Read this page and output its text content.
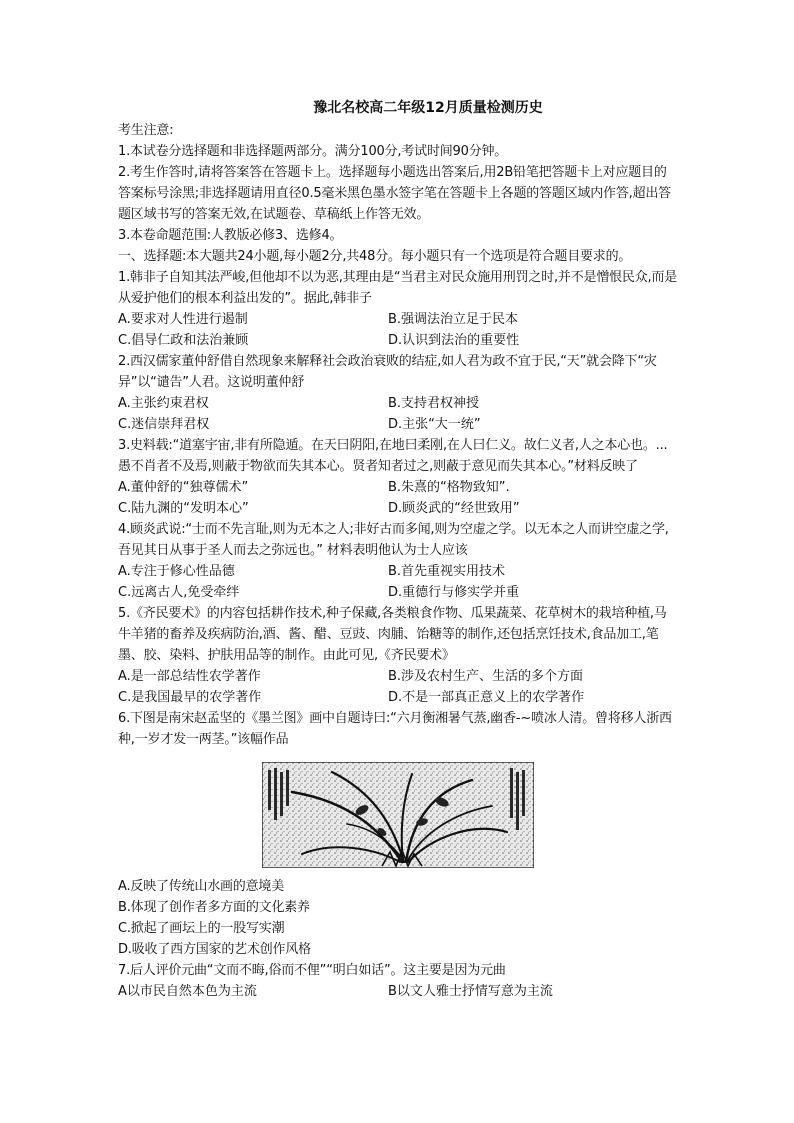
豫北名校高二年级12月质量检测历史
考生注意:
1.本试卷分选择题和非选择题两部分。满分100分,考试时间90分钟。
2.考生作答时,请将答案答在答题卡上。选择题每小题选出答案后,用2B铅笔把答题卡上对应题目的答案标号涂黑;非选择题请用直径0.5毫米黑色墨水签字笔在答题卡上各题的答题区域内作答,超出答题区域书写的答案无效,在试题卷、草稿纸上作答无效。
3.本卷命题范围:人教版必修3、选修4。
一、选择题:本大题共24小题,每小题2分,共48分。每小题只有一个选项是符合题目要求的。
1.韩非子自知其法严峻,但他却不以为恶,其理由是“当君主对民众施用刑罚之时,并不是憎恨民众,而是从爱护他们的根本利益出发的”。据此,韩非子
A.要求对人性进行遏制	B.强调法治立足于民本
C.倡导仁政和法治兼顾	D.认识到法治的重要性
2.西汉儒家董仲舒借自然现象来解释社会政治衰败的结症,如人君为政不宜于民,“天”就会降下“灾异”以“谴告”人君。这说明董仲舒
A.主张约束君权	B.支持君权神授
C.迷信崇拜君权	D.主张“大一统”
3.史料载:“道塞宇宙,非有所隐遁。在天曰阴阳,在地曰柔刚,在人曰仁义。故仁义者,人之本心也。...愚不肖者不及焉,则蔽于物欲而失其本心。贤者知者过之,则蔽于意见而失其本心。”材料反映了
A.董仲舒的“独尊儒术”	B.朱熹的“格物致知”.
C.陆九渊的“发明本心”	D.顾炎武的“经世致用”
4.顾炎武说:“士而不先言耻,则为无本之人;非好古而多闻,则为空虚之学。以无本之人而讲空虚之学,吾见其日从事于圣人而去之弥远也。” 材料表明他认为士人应该
A.专注于修心性品德	B.首先重视实用技术
C.远离古人,免受牵绊	D.重德行与修实学并重
5.《齐民要术》的内容包括耕作技术,种子保藏,各类粮食作物、瓜果蔬菜、花草树木的栽培种植,马牛羊猪的畜养及疾病防治,酒、酱、醋、豆豉、肉脯、饴糖等的制作,还包括烹饪技术,食品加工,笔墨、胶、染料、护肤用品等的制作。由此可见,《齐民要术》
A.是一部总结性农学著作	B.涉及农村生产、生活的多个方面
C.是我国最早的农学著作	D.不是一部真正意义上的农学著作
6.下图是南宋赵孟坚的《墨兰图》画中自题诗曰:“六月衡湘暑气蒸,幽香-~喷冰人清。曾将移人浙西种,一岁才发一两茎。”该幅作品
A.反映了传统山水画的意境美
B.体现了创作者多方面的文化素养
C.掀起了画坛上的一股写实潮
D.吸收了西方国家的艺术创作风格
7.后人评价元曲“文而不晦,俗而不俚”“明白如话”。这主要是因为元曲
A以市民自然本色为主流	B以文人雅士抒情写意为主流
